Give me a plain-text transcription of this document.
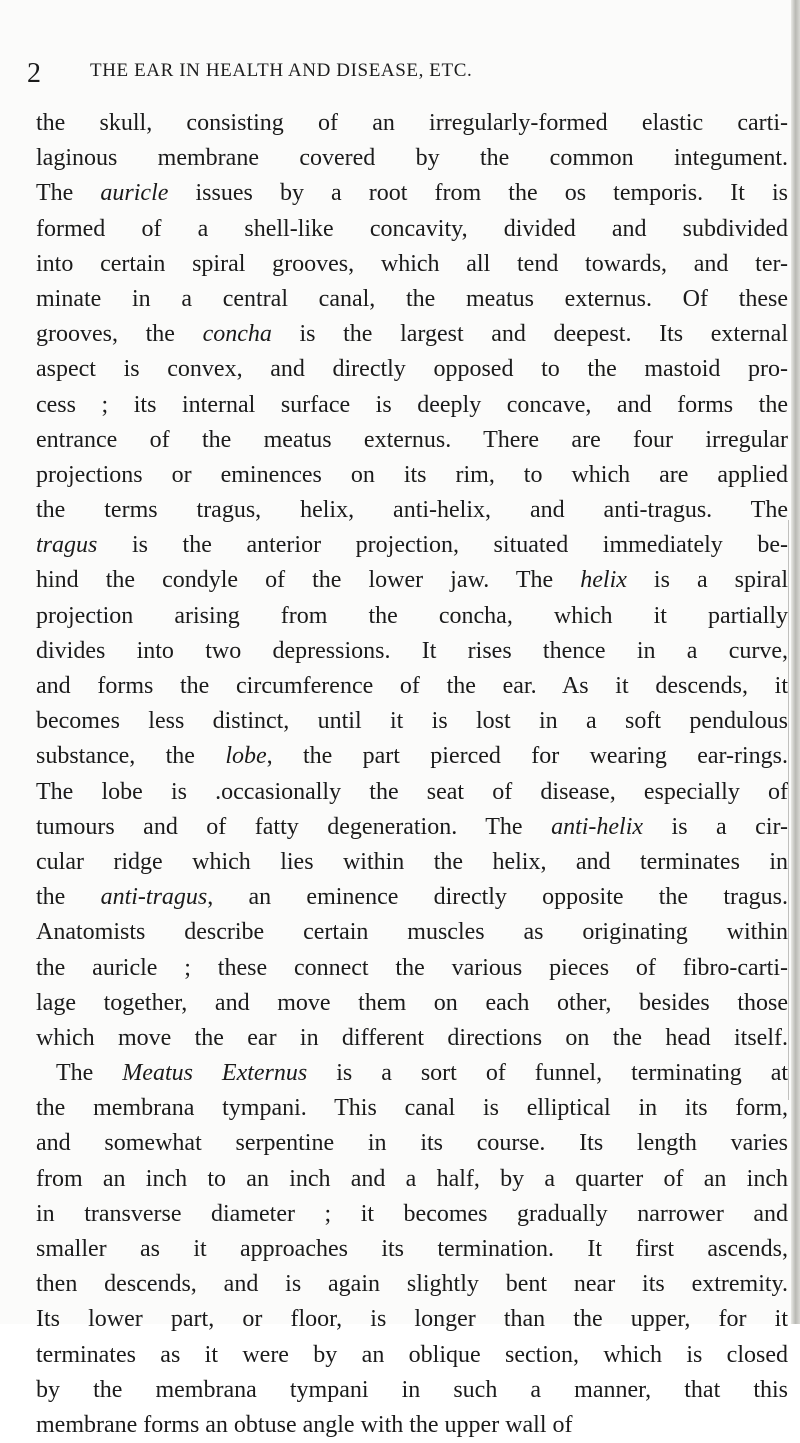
2	THE EAR IN HEALTH AND DISEASE, ETC.
the skull, consisting of an irregularly-formed elastic carti-
laginous membrane covered by the common integument.
The auricle issues by a root from the os temporis. It is
formed of a shell-like concavity, divided and subdivided
into certain spiral grooves, which all tend towards, and ter-
minate in a central canal, the meatus externus. Of these
grooves, the concha is the largest and deepest. Its external
aspect is convex, and directly opposed to the mastoid pro-
cess ; its internal surface is deeply concave, and forms the
entrance of the meatus externus. There are four irregular
projections or eminences on its rim, to which are applied
the terms tragus, helix, anti-helix, and anti-tragus. The
tragus is the anterior projection, situated immediately be-
hind the condyle of the lower jaw. The helix is a spiral
projection arising from the concha, which it partially
divides into two depressions. It rises thence in a curve,
and forms the circumference of the ear. As it descends, it
becomes less distinct, until it is lost in a soft pendulous
substance, the lobe, the part pierced for wearing ear-rings.
The lobe is .occasionally the seat of disease, especially of
tumours and of fatty degeneration. The anti-helix is a cir-
cular ridge which lies within the helix, and terminates in
the anti-tragus, an eminence directly opposite the tragus.
Anatomists describe certain muscles as originating within
the auricle ; these connect the various pieces of fibro-carti-
lage together, and move them on each other, besides those
which move the ear in different directions on the head itself.
The Meatus Externus is a sort of funnel, terminating at
the membrana tympani. This canal is elliptical in its form,
and somewhat serpentine in its course. Its length varies
from an inch to an inch and a half, by a quarter of an inch
in transverse diameter ; it becomes gradually narrower and
smaller as it approaches its termination. It first ascends,
then descends, and is again slightly bent near its extremity.
Its lower part, or floor, is longer than the upper, for it
terminates as it were by an oblique section, which is closed
by the membrana tympani in such a manner, that this
membrane forms an obtuse angle with the upper wall of
